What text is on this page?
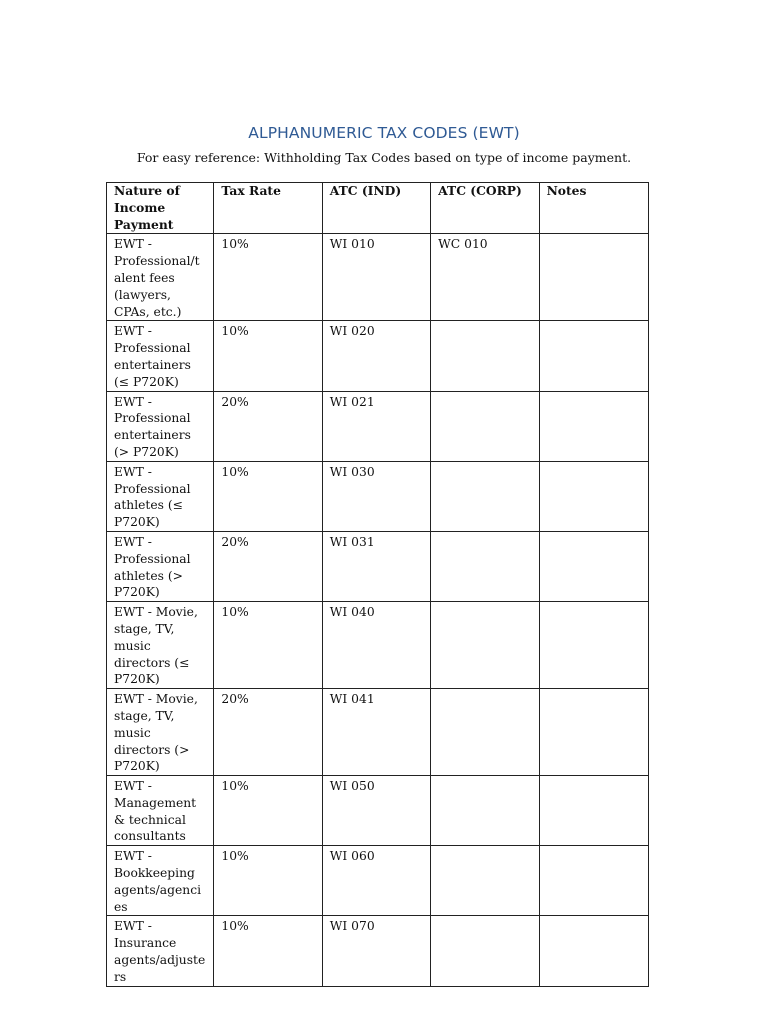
ALPHANUMERIC TAX CODES (EWT)
For easy reference: Withholding Tax Codes based on type of income payment.
Nature of Income Payment	Tax Rate	ATC (IND)	ATC (CORP)	Notes
EWT - Professional/talent fees (lawyers, CPAs, etc.)	10%	WI 010	WC 010	
EWT - Professional entertainers (≤ P720K)	10%	WI 020		
EWT - Professional entertainers (> P720K)	20%	WI 021		
EWT - Professional athletes (≤ P720K)	10%	WI 030		
EWT - Professional athletes (> P720K)	20%	WI 031		
EWT - Movie, stage, TV, music directors (≤ P720K)	10%	WI 040		
EWT - Movie, stage, TV, music directors (> P720K)	20%	WI 041		
EWT - Management & technical consultants	10%	WI 050		
EWT - Bookkeeping agents/agencies	10%	WI 060		
EWT - Insurance agents/adjusters	10%	WI 070		
